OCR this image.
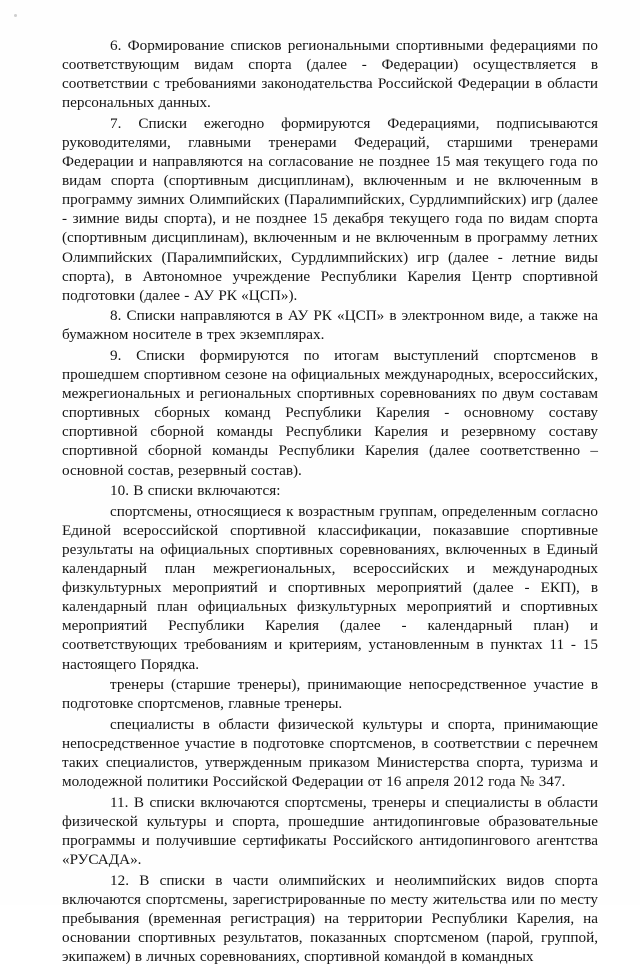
6. Формирование списков региональными спортивными федерациями по соответствующим видам спорта (далее - Федерации) осуществляется в соответствии с требованиями законодательства Российской Федерации в области персональных данных.

7. Списки ежегодно формируются Федерациями, подписываются руководителями, главными тренерами Федераций, старшими тренерами Федерации и направляются на согласование не позднее 15 мая текущего года по видам спорта (спортивным дисциплинам), включенным и не включенным в программу зимних Олимпийских (Паралимпийских, Сурдлимпийских) игр (далее - зимние виды спорта), и не позднее 15 декабря текущего года по видам спорта (спортивным дисциплинам), включенным и не включенным в программу летних Олимпийских (Паралимпийских, Сурдлимпийских) игр (далее - летние виды спорта), в Автономное учреждение Республики Карелия Центр спортивной подготовки (далее - АУ РК «ЦСП»).

8. Списки направляются в АУ РК «ЦСП» в электронном виде, а также на бумажном носителе в трех экземплярах.

9. Списки формируются по итогам выступлений спортсменов в прошедшем спортивном сезоне на официальных международных, всероссийских, межрегиональных и региональных спортивных соревнованиях по двум составам спортивных сборных команд Республики Карелия - основному составу спортивной сборной команды Республики Карелия и резервному составу спортивной сборной команды Республики Карелия (далее соответственно – основной состав, резервный состав).

10. В списки включаются:

спортсмены, относящиеся к возрастным группам, определенным согласно Единой всероссийской спортивной классификации, показавшие спортивные результаты на официальных спортивных соревнованиях, включенных в Единый календарный план межрегиональных, всероссийских и международных физкультурных мероприятий и спортивных мероприятий (далее - ЕКП), в календарный план официальных физкультурных мероприятий и спортивных мероприятий Республики Карелия (далее - календарный план) и соответствующих требованиям и критериям, установленным в пунктах 11 - 15 настоящего Порядка.

тренеры (старшие тренеры), принимающие непосредственное участие в подготовке спортсменов, главные тренеры.

специалисты в области физической культуры и спорта, принимающие непосредственное участие в подготовке спортсменов, в соответствии с перечнем таких специалистов, утвержденным приказом Министерства спорта, туризма и молодежной политики Российской Федерации от 16 апреля 2012 года № 347.

11. В списки включаются спортсмены, тренеры и специалисты в области физической культуры и спорта, прошедшие антидопинговые образовательные программы и получившие сертификаты Российского антидопингового агентства «РУСАДА».

12. В списки в части олимпийских и неолимпийских видов спорта включаются спортсмены, зарегистрированные по месту жительства или по месту пребывания (временная регистрация) на территории Республики Карелия, на основании спортивных результатов, показанных спортсменом (парой, группой, экипажем) в личных соревнованиях, спортивной командой в командных
